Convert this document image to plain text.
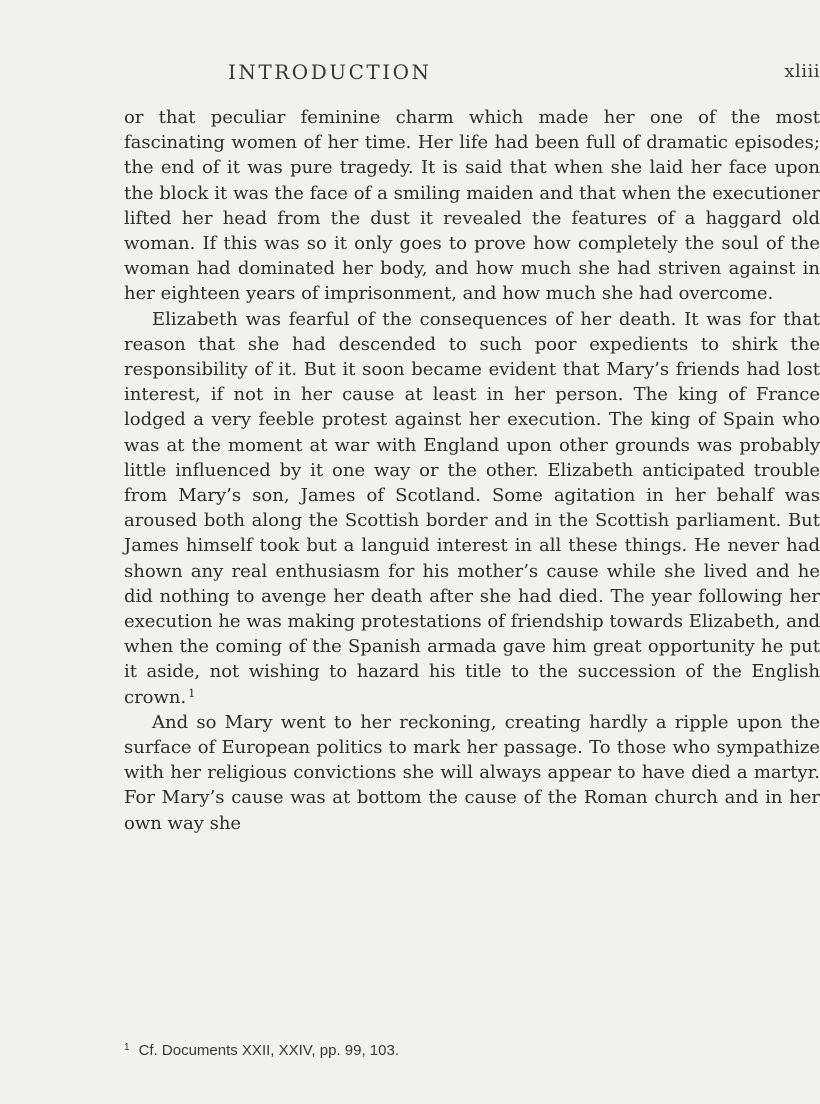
INTRODUCTION	xliii

or that peculiar feminine charm which made her one of the most fascinating women of her time. Her life had been full of dramatic episodes; the end of it was pure tragedy. It is said that when she laid her face upon the block it was the face of a smiling maiden and that when the executioner lifted her head from the dust it revealed the features of a haggard old woman. If this was so it only goes to prove how completely the soul of the woman had dominated her body, and how much she had striven against in her eighteen years of imprisonment, and how much she had overcome.

Elizabeth was fearful of the consequences of her death. It was for that reason that she had descended to such poor expedients to shirk the responsibility of it. But it soon became evident that Mary’s friends had lost interest, if not in her cause at least in her person. The king of France lodged a very feeble protest against her execution. The king of Spain who was at the moment at war with England upon other grounds was probably little influenced by it one way or the other. Elizabeth anticipated trouble from Mary’s son, James of Scotland. Some agitation in her behalf was aroused both along the Scottish border and in the Scottish parliament. But James himself took but a languid interest in all these things. He never had shown any real enthusiasm for his mother’s cause while she lived and he did nothing to avenge her death after she had died. The year following her execution he was making protestations of friendship towards Elizabeth, and when the coming of the Spanish armada gave him great opportunity he put it aside, not wishing to hazard his title to the succession of the English crown. $^1$

And so Mary went to her reckoning, creating hardly a ripple upon the surface of European politics to mark her passage. To those who sympathize with her religious convictions she will always appear to have died a martyr. For Mary’s cause was at bottom the cause of the Roman church and in her own way she

$^1$ Cf. Documents XXII, XXIV, pp. 99, 103.
